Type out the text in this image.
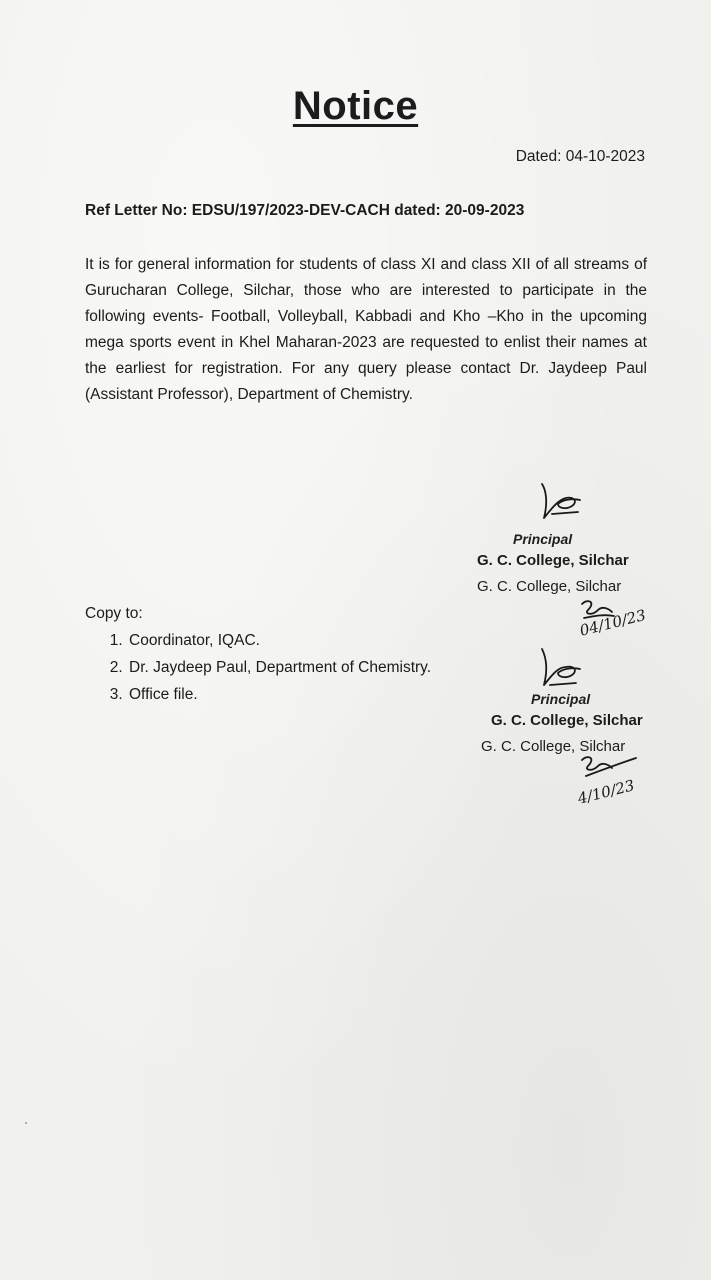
Notice
Dated: 04-10-2023
Ref Letter No: EDSU/197/2023-DEV-CACH dated: 20-09-2023
It is for general information for students of class XI and class XII of all streams of Gurucharan College, Silchar, those who are interested to participate in the following events- Football, Volleyball, Kabbadi and Kho –Kho in the upcoming mega sports event in Khel Maharan-2023 are requested to enlist their names at the earliest for registration. For any query please contact Dr. Jaydeep Paul (Assistant Professor), Department of Chemistry.
Principal
G. C. College, Silchar
G. C. College, Silchar
04/10/23
Copy to:
1. Coordinator, IQAC.
2. Dr. Jaydeep Paul, Department of Chemistry.
3. Office file.	Principal
G. C. College, Silchar
G. C. College, Silchar
4/10/23
